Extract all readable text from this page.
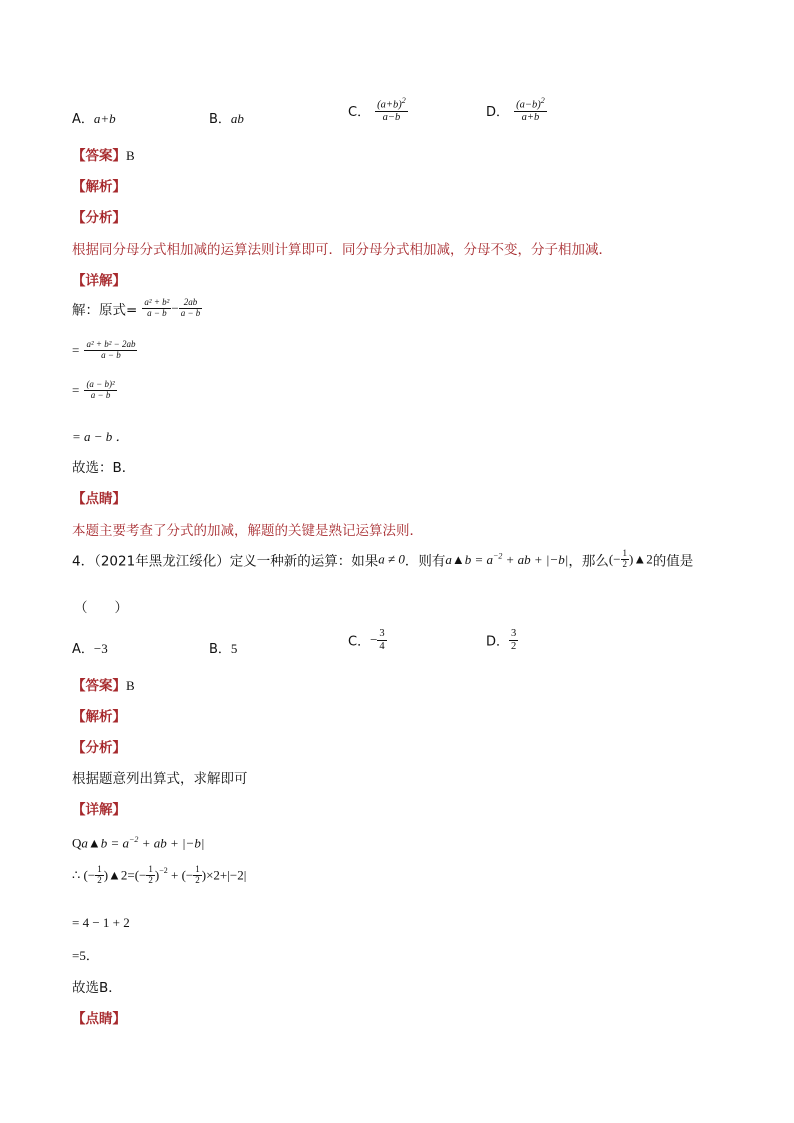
A．a+b	B．ab	C． $\frac{(a+b)^2}{a-b}$	D． $\frac{(a-b)^2}{a+b}$
【答案】B
【解析】
【分析】
根据同分母分式相加减的运算法则计算即可．同分母分式相加减，分母不变，分子相加减．
【详解】
解：原式= $\frac{\text{a² + b²}}{a - b} - \frac{2ab}{a - b}$
= $\frac{\text{a² + b² − 2ab}}{a - b}$
= $\frac{\text{(a − b)²}}{a - b}$
= a − b ．
故选：B．
【点睛】
本题主要考查了分式的加减，解题的关键是熟记运算法则．
4．（2021年黑龙江绥化）定义一种新的运算：如果a ≠ 0．则有a▲b = $a^{-2}$ + ab + |−b|，那么(− $\frac{1}{2}$ )▲2的值是
（　　）
A．−3	B．5	C．− $\frac{3}{4}$	D． $\frac{3}{2}$
【答案】B
【解析】
【分析】
根据题意列出算式，求解即可
【详解】
Qa▲b = $a^{-2}$ + ab + |−b|
∴ (− $\frac{1}{2}$ )▲2=(− $\frac{1}{2} )^{-2}$ + (− $\frac{1}{2} )\times 2+|-2|$
= 4 − 1 + 2
=5．
故选B．
【点睛】
